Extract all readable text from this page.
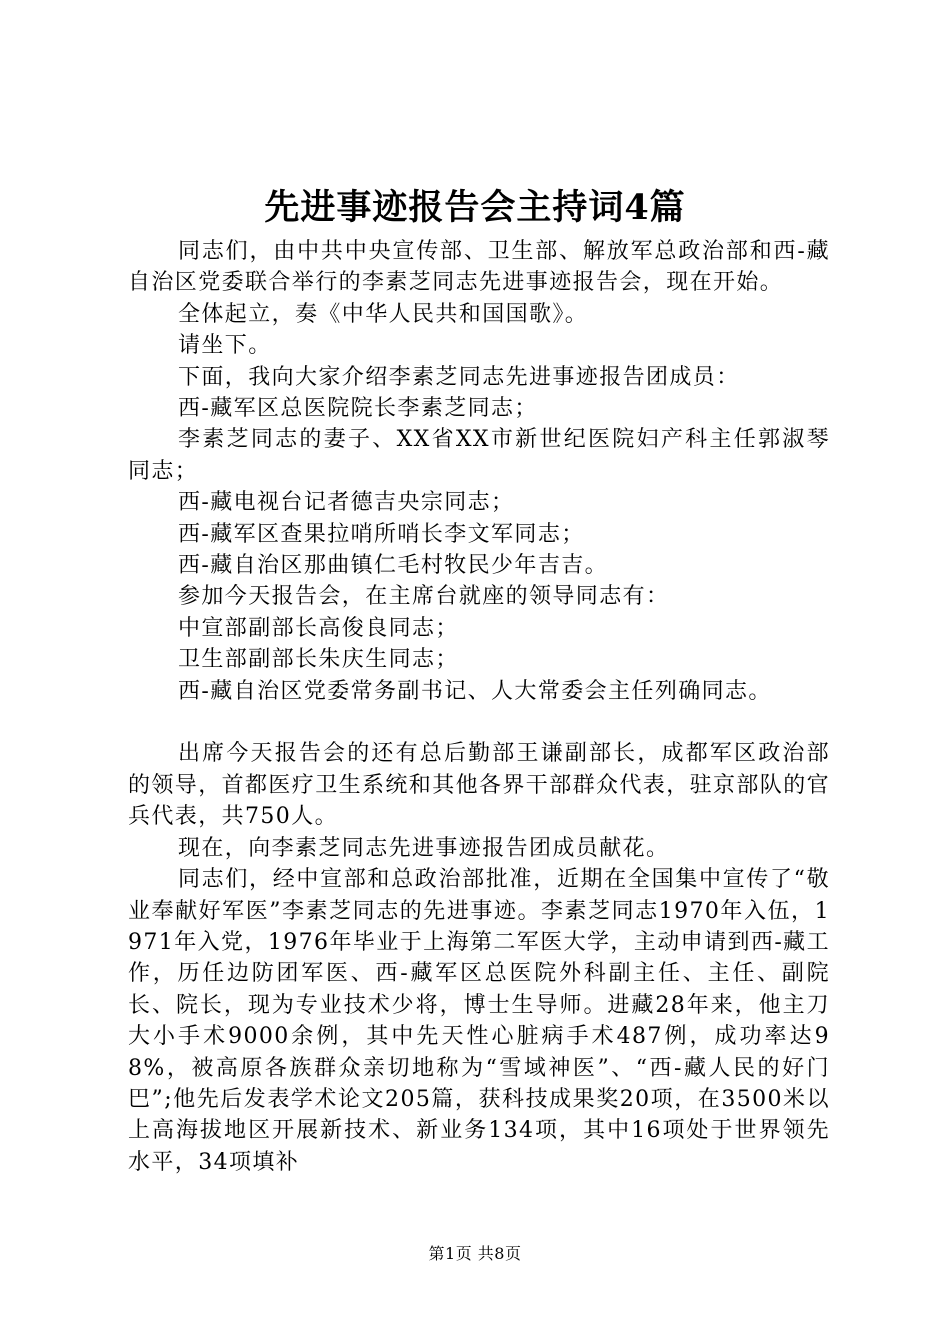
先进事迹报告会主持词4篇

同志们，由中共中央宣传部、卫生部、解放军总政治部和西-藏自治区党委联合举行的李素芝同志先进事迹报告会，现在开始。

全体起立，奏《中华人民共和国国歌》。

请坐下。

下面，我向大家介绍李素芝同志先进事迹报告团成员：

西-藏军区总医院院长李素芝同志；

李素芝同志的妻子、XX省XX市新世纪医院妇产科主任郭淑琴同志；

西-藏电视台记者德吉央宗同志；

西-藏军区查果拉哨所哨长李文军同志；

西-藏自治区那曲镇仁毛村牧民少年吉吉。

参加今天报告会，在主席台就座的领导同志有：

中宣部副部长高俊良同志；

卫生部副部长朱庆生同志；

西-藏自治区党委常务副书记、人大常委会主任列确同志。

出席今天报告会的还有总后勤部王谦副部长，成都军区政治部的领导，首都医疗卫生系统和其他各界干部群众代表，驻京部队的官兵代表，共750人。

现在，向李素芝同志先进事迹报告团成员献花。

同志们，经中宣部和总政治部批准，近期在全国集中宣传了“敬业奉献好军医”李素芝同志的先进事迹。李素芝同志1970年入伍，1971年入党，1976年毕业于上海第二军医大学，主动申请到西-藏工作，历任边防团军医、西-藏军区总医院外科副主任、主任、副院长、院长，现为专业技术少将，博士生导师。进藏28年来，他主刀大小手术9000余例，其中先天性心脏病手术487例，成功率达98%，被高原各族群众亲切地称为“雪域神医”、“西-藏人民的好门巴”;他先后发表学术论文205篇，获科技成果奖20项，在3500米以上高海拔地区开展新技术、新业务134项，其中16项处于世界领先水平，34项填补

第1页 共8页
